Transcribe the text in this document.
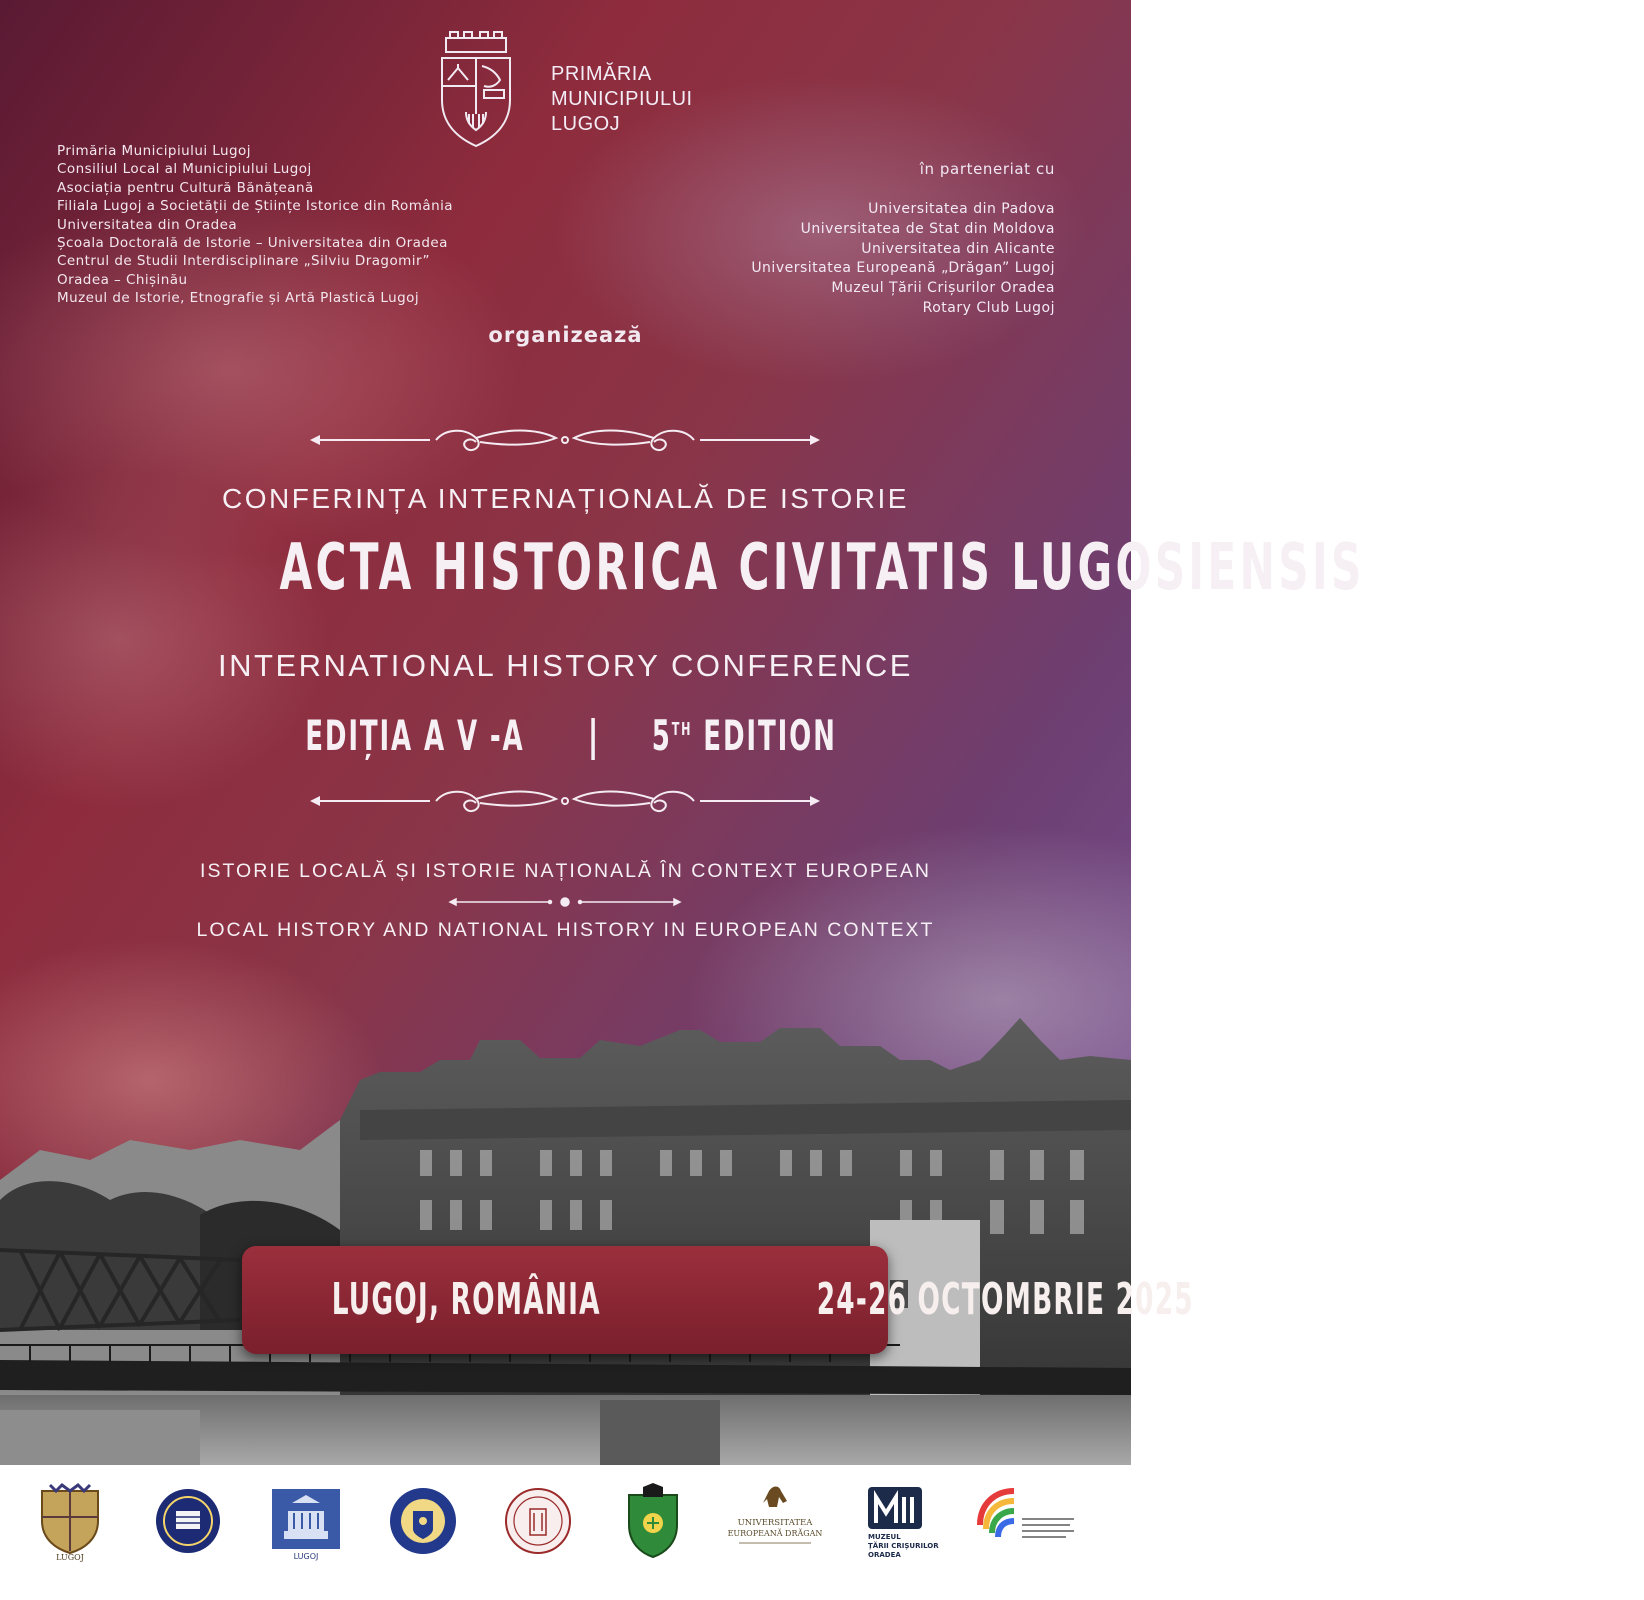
PRIMĂRIA
MUNICIPIULUI
LUGOJ
Primăria Municipiului Lugoj
Consiliul Local al Municipiului Lugoj
Asociația pentru Cultură Bănățeană
Filiala Lugoj a Societății de Științe Istorice din România
Universitatea din Oradea
Școala Doctorală de Istorie – Universitatea din Oradea
Centrul de Studii Interdisciplinare „Silviu Dragomir”
Oradea – Chișinău
Muzeul de Istorie, Etnografie și Artă Plastică Lugoj
în parteneriat cu
Universitatea din Padova
Universitatea de Stat din Moldova
Universitatea din Alicante
Universitatea Europeană „Drăgan” Lugoj
Muzeul Țării Crișurilor Oradea
Rotary Club Lugoj
organizează
CONFERINȚA INTERNAȚIONALĂ DE ISTORIE
ACTA HISTORICA CIVITATIS LUGOSIENSIS
INTERNATIONAL HISTORY CONFERENCE
EDIȚIA A V -A | 5TH EDITION
ISTORIE LOCALĂ ȘI ISTORIE NAȚIONALĂ ÎN CONTEXT EUROPEAN
LOCAL HISTORY AND NATIONAL HISTORY IN EUROPEAN CONTEXT
LUGOJ, ROMÂNIA	24-26 OCTOMBRIE 2025
LUGOJ	LUGOJ
UNIVERSITATEA
EUROPEANĂ DRĂGAN	MUZEUL
ȚĂRII CRIȘURILOR
ORADEA
